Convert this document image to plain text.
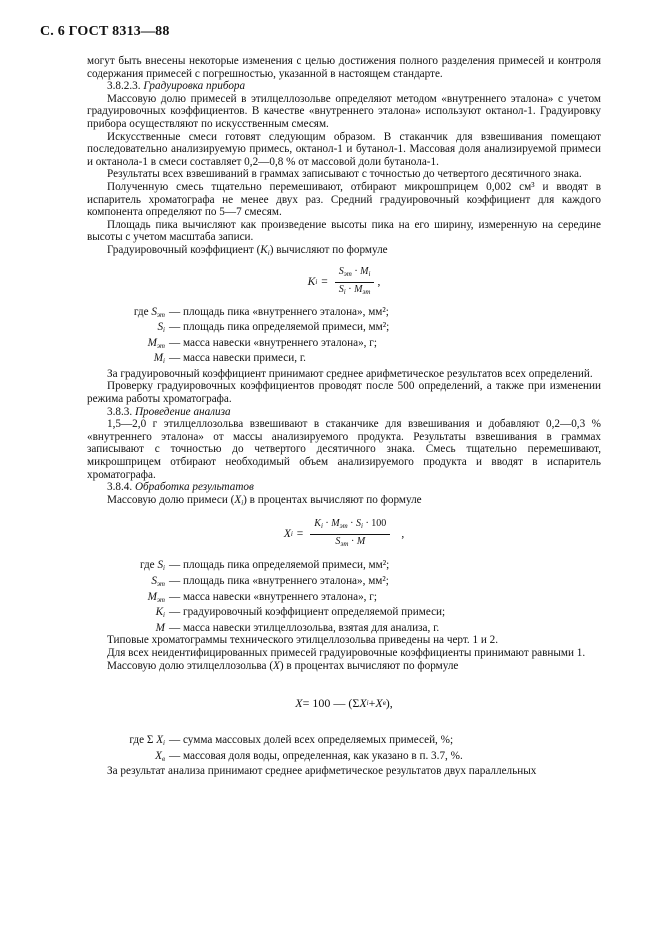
С. 6 ГОСТ 8313—88

могут быть внесены некоторые изменения с целью достижения полного разделения примесей и контроля содержания примесей с погрешностью, указанной в настоящем стандарте.

3.8.2.3. Градуировка прибора

Массовую долю примесей в этилцеллозольве определяют методом «внутреннего эталона» с учетом градуировочных коэффициентов. В качестве «внутреннего эталона» используют октанол-1. Градуировку прибора осуществляют по искусственным смесям.

Искусственные смеси готовят следующим образом. В стаканчик для взвешивания помещают последовательно анализируемую примесь, октанол-1 и бутанол-1. Массовая доля анализируемой примеси и октанола-1 в смеси составляет 0,2—0,8 % от массовой доли бутанола-1.

Результаты всех взвешиваний в граммах записывают с точностью до четвертого десятичного знака.

Полученную смесь тщательно перемешивают, отбирают микрошприцем 0,002 см³ и вводят в испаритель хроматографа не менее двух раз. Средний градуировочный коэффициент для каждого компонента определяют по 5—7 смесям.

Площадь пика вычисляют как произведение высоты пика на его ширину, измеренную на середине высоты с учетом масштаба записи.

Градуировочный коэффициент $(K_i)$ вычисляют по формуле

K $i = \frac{S_{эт} \cdot M_i}{S_i \cdot M_{эт}}$ ,
где $S_{эт}$ — площадь пика «внутреннего эталона», мм²;
$S_i$ — площадь пика определяемой примеси, мм²;
$M_{эт}$ — масса навески «внутреннего эталона», г;
$M_i$ — масса навески примеси, г.

За градуировочный коэффициент принимают среднее арифметическое результатов всех определений.

Проверку градуировочных коэффициентов проводят после 500 определений, а также при изменении режима работы хроматографа.

3.8.3. Проведение анализа

1,5—2,0 г этилцеллозольва взвешивают в стаканчике для взвешивания и добавляют 0,2—0,3 % «внутреннего эталона» от массы анализируемого продукта. Результаты взвешивания в граммах записывают с точностью до четвертого десятичного знака. Смесь тщательно перемешивают, микрошприцем отбирают необходимый объем анализируемого продукта и вводят в испаритель хроматографа.

3.8.4. Обработка результатов

Массовую долю примеси $(X_i)$ в процентах вычисляют по формуле

X $i = \frac{K_i \cdot M_{эт} \cdot S_i \cdot 100}{S_{эт} \cdot M}$ ,
где $S_i$ — площадь пика определяемой примеси, мм²;
$S_{эт}$ — площадь пика «внутреннего эталона», мм²;
$M_{эт}$ — масса навески «внутреннего эталона», г;
$K_i$ — градуировочный коэффициент определяемой примеси;
M — масса навески этилцеллозольва, взятая для анализа, г.

Типовые хроматограммы технического этилцеллозольва приведены на черт. 1 и 2.

Для всех неидентифицированных примесей градуировочные коэффициенты принимают равными 1.

Массовую долю этилцеллозольва (X) в процентах вычисляют по формуле

X = 100 — (Σ X i + X в ),
где Σ $X_i$ — сумма массовых долей всех определяемых примесей, %;
$X_в$ — массовая доля воды, определенная, как указано в п. 3.7, %.

За результат анализа принимают среднее арифметическое результатов двух параллельных
